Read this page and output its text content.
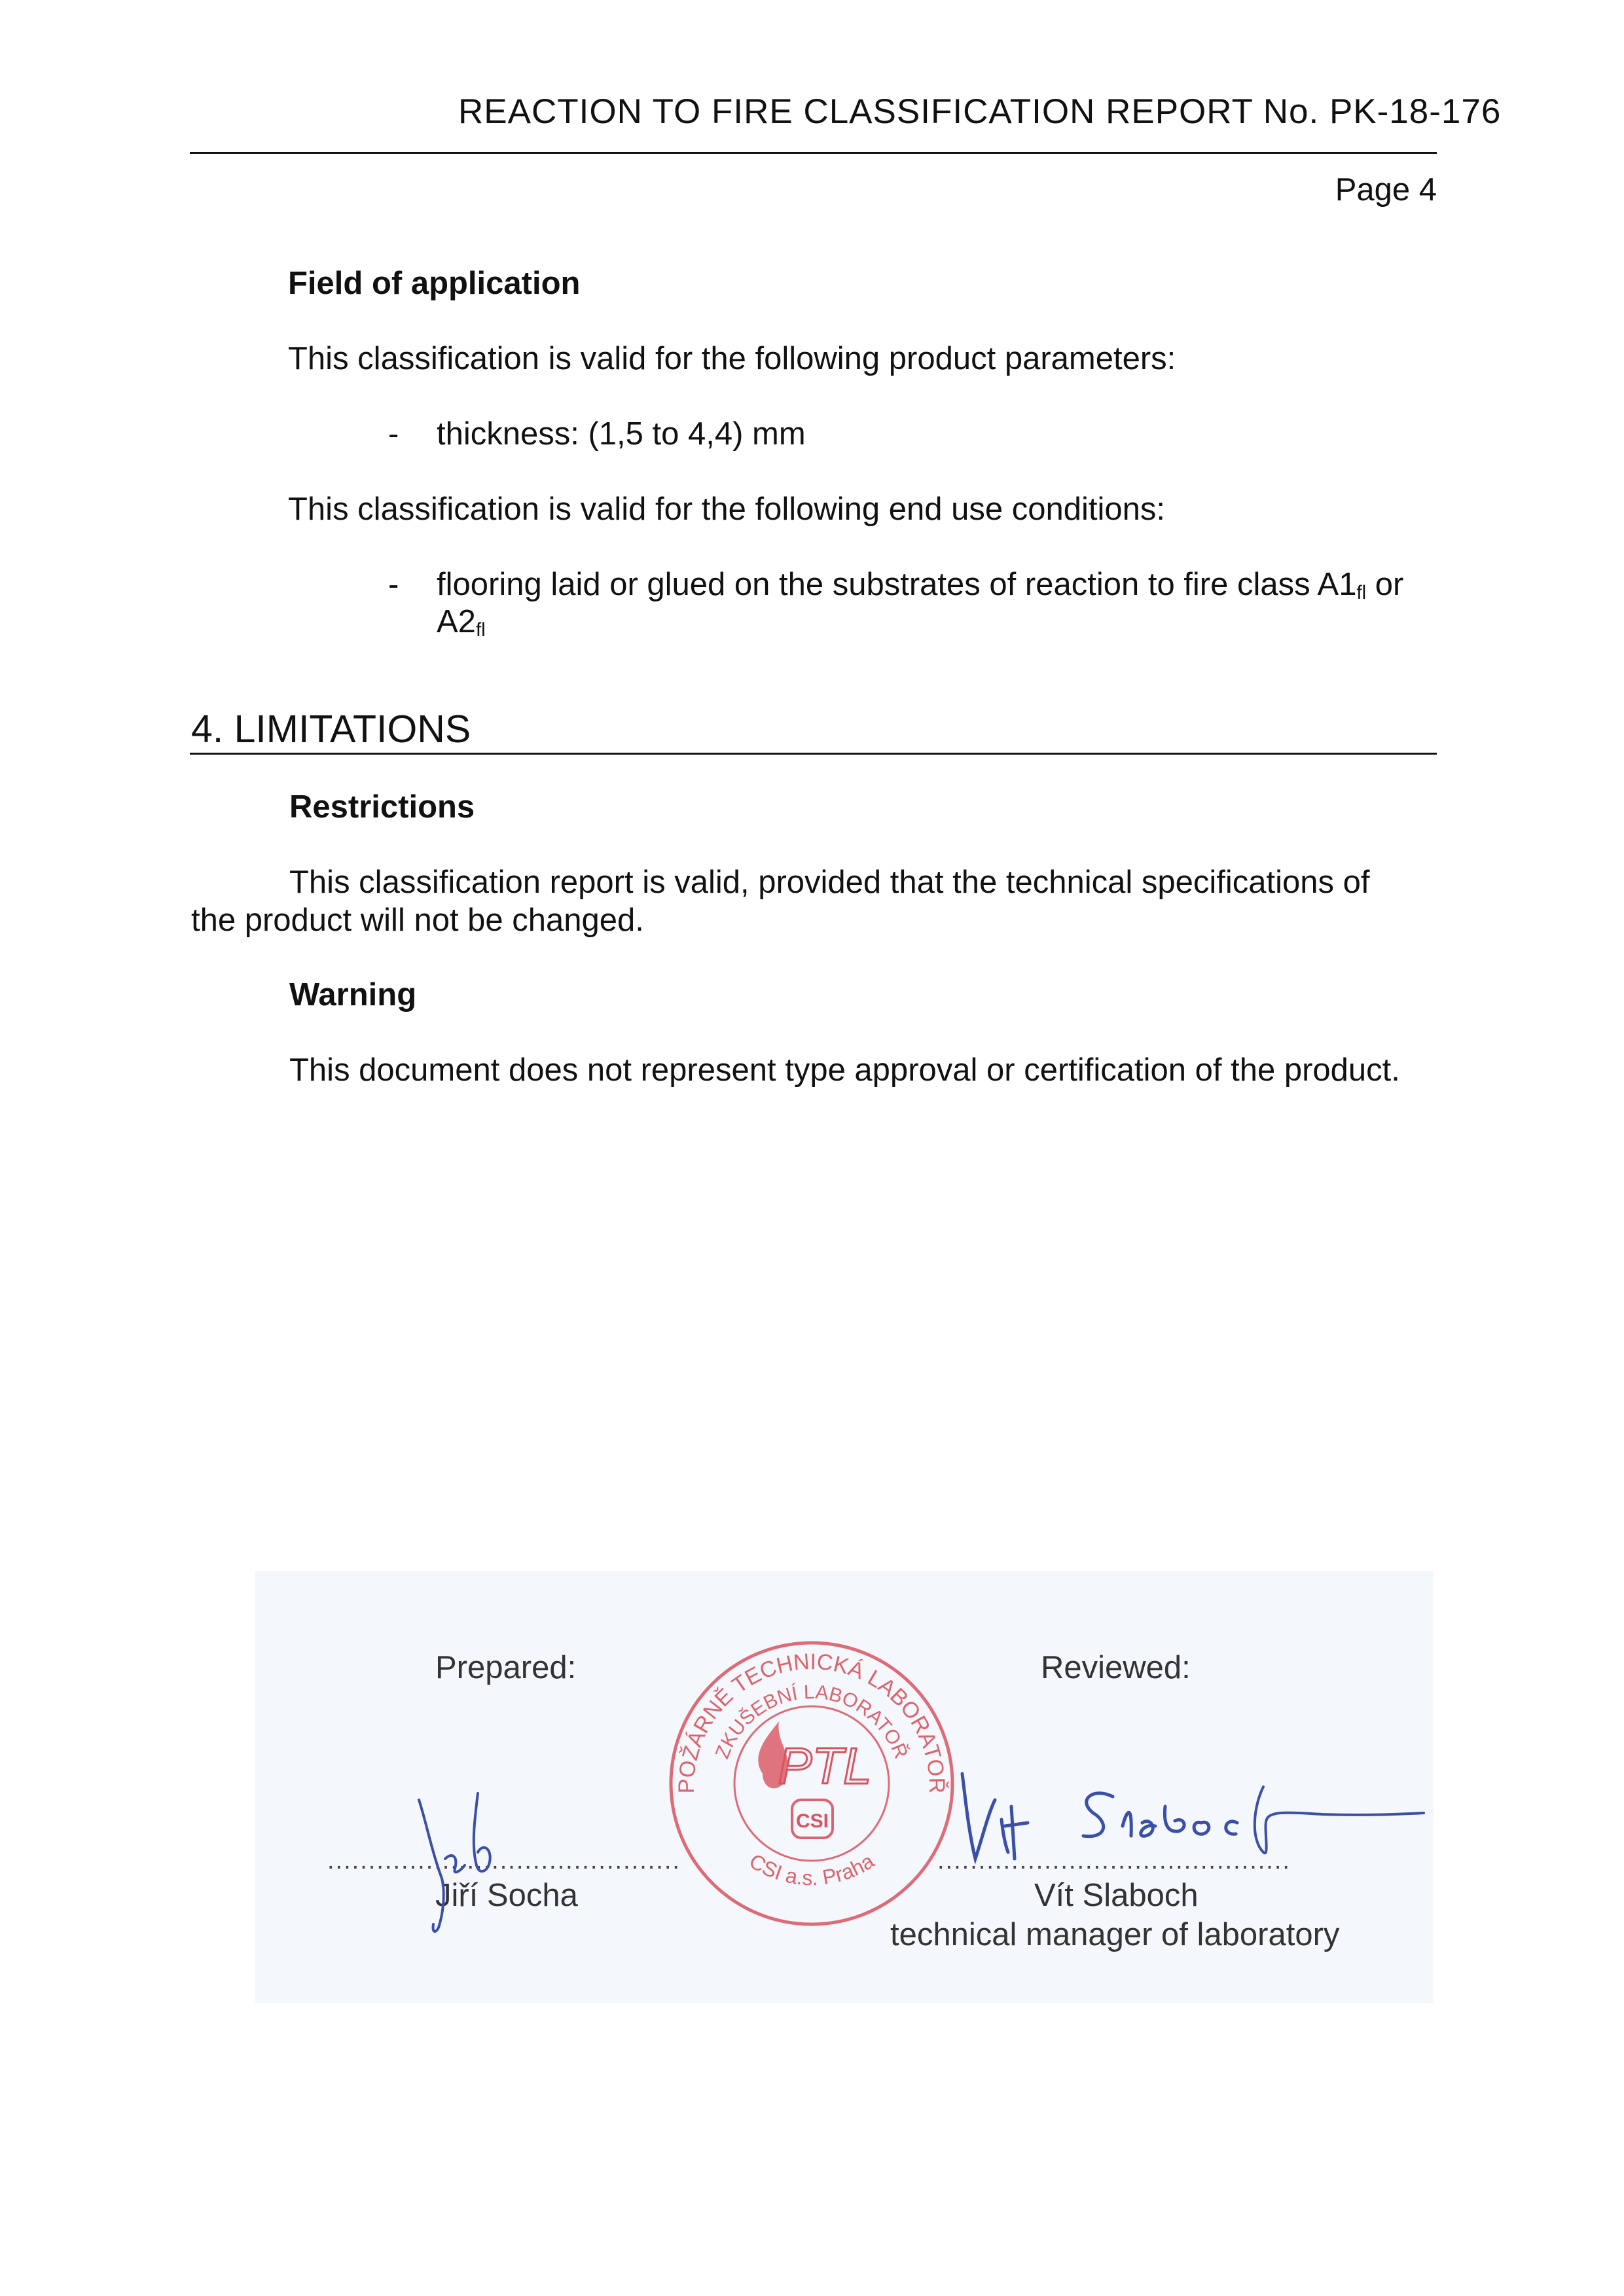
REACTION TO FIRE CLASSIFICATION REPORT No. PK-18-176
Page 4
Field of application
This classification is valid for the following product parameters:
- thickness: (1,5 to 4,4) mm
This classification is valid for the following end use conditions:
- flooring laid or glued on the substrates of reaction to fire class $A1_{fl}$ or
$A2_{fl}$
4. LIMITATIONS
Restrictions
This classification report is valid, provided that the technical specifications of
the product will not be changed.
Warning
This document does not represent type approval or certification of the product.
Prepared:	Reviewed:
...........................................	...........................................
Jiří Socha	Vít Slaboch
technical manager of laboratory
POŽÁRNĚ TECHNICKÁ LABORATOŘ
ZKUŠEBNÍ LABORATOŘ
CSI a.s. Praha
PTL
CSI
